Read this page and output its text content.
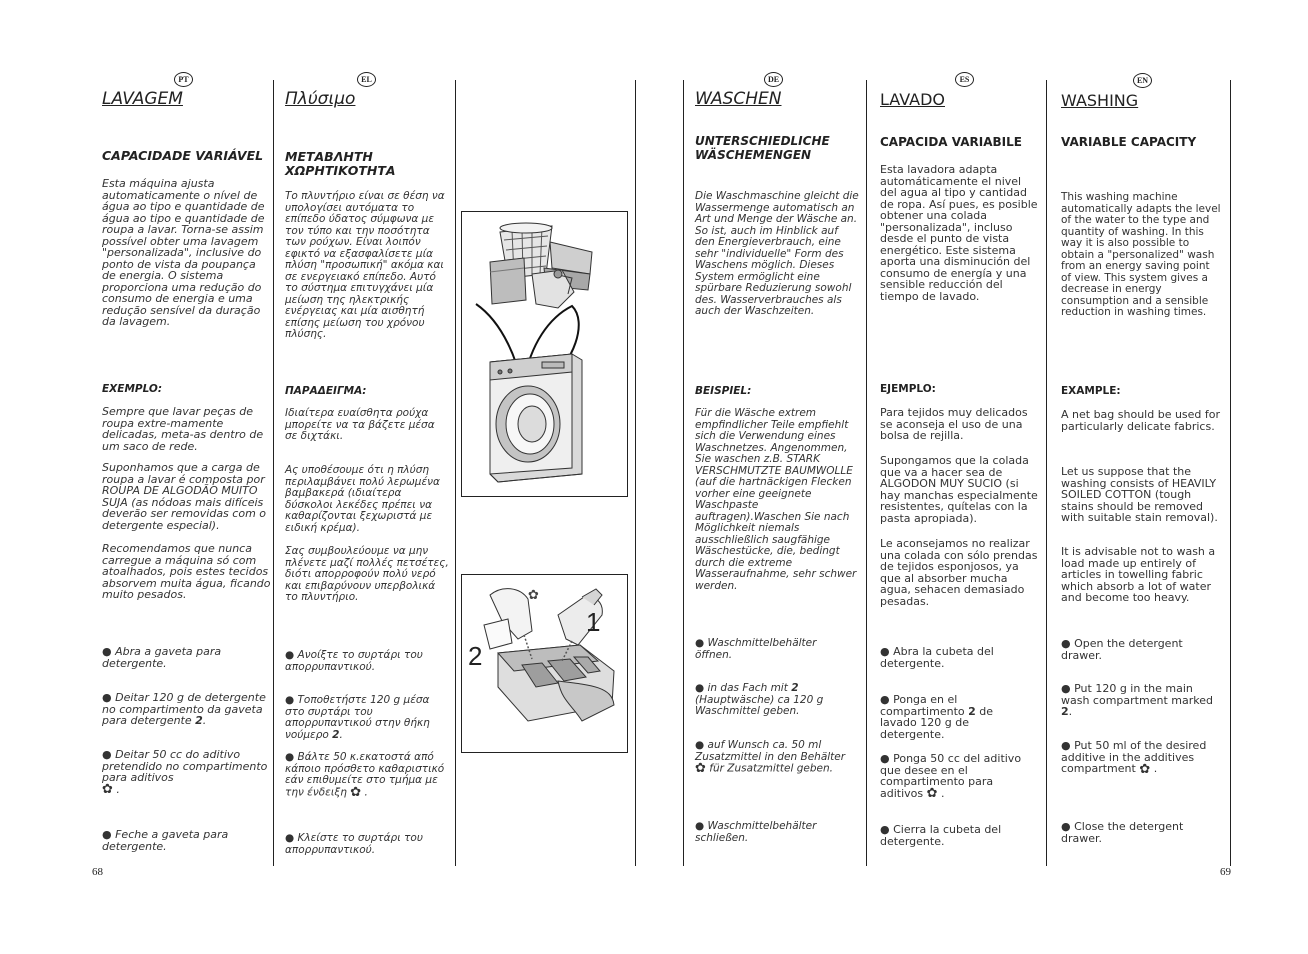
PT	EL	DE	ES	EN
LAVAGEM
CAPACIDADE VARIÁVEL
Esta máquina ajusta automaticamente o nível de água ao tipo e quantidade de água ao tipo e quantidade de roupa a lavar. Torna-se assim possível obter uma lavagem "personalizada", inclusive do ponto de vista da poupança de energia. O sistema proporciona uma redução do consumo de energia e uma redução sensível da duração da lavagem.
EXEMPLO:
Sempre que lavar peças de roupa extre-mamente delicadas, meta-as dentro de um saco de rede.
Suponhamos que a carga de roupa a lavar é composta por ROUPA DE ALGODÃO MUITO SUJA (as nódoas mais difíceis deverão ser removidas com o detergente especial).
Recomendamos que nunca carregue a máquina só com atoalhados, pois estes tecidos absorvem muita água, ficando muito pesados.
● Abra a gaveta para detergente.
● Deitar 120 g de detergente no compartimento da gaveta para detergente 2.
● Deitar 50 cc do aditivo pretendido no compartimento para aditivos
✿ .
● Feche a gaveta para detergente.
Πλύσιμο
ΜΕΤΑΒΛΗΤΗ ΧΩΡΗΤΙΚΟΤΗΤΑ
Το πλυντήριο είναι σε θέση να υπολογίσει αυτόματα το επίπεδο ύδατος σύμφωνα με τον τύπο και την ποσότητα των ρούχων. Είναι λοιπόν εφικτό να εξασφαλίσετε μία πλύση "προσωπική" ακόμα και σε ενεργειακό επίπεδο. Αυτό το σύστημα επιτυγχάνει μία μείωση της ηλεκτρικής ενέργειας και μία αισθητή επίσης μείωση του χρόνου πλύσης.
ΠΑΡΑΔΕΙΓΜΑ:
Ιδιαίτερα ευαίσθητα ρούχα μπορείτε να τα βάζετε μέσα σε διχτάκι.
Ας υποθέσουμε ότι η πλύση περιλαμβάνει πολύ λερωμένα βαμβακερά (ιδιαίτερα δύσκολοι λεκέδες πρέπει να καθαρίζονται ξεχωριστά με ειδική κρέμα).
Σας συμβουλεύουμε να μην πλένετε μαζί πολλές πετσέτες, διότι απορροφούν πολύ νερό και επιβαρύνουν υπερβολικά το πλυντήριο.
● Ανοίξτε το συρτάρι του απορρυπαντικού.
● Τοποθετήστε 120 g μέσα στο συρτάρι του απορρυπαντικού στην θήκη νούμερο 2.
● Βάλτε 50 κ.εκατοστά από κάποιο πρόσθετο καθαριστικό εάν επιθυμείτε στο τμήμα με την ένδειξη ✿ .
● Κλείστε το συρτάρι του απορρυπαντικού.
✿
1
2
WASCHEN
UNTERSCHIEDLICHE WÄSCHEMENGEN
Die Waschmaschine gleicht die Wassermenge automatisch an Art und Menge der Wäsche an. So ist, auch im Hinblick auf den Energieverbrauch, eine sehr "individuelle" Form des Waschens möglich. Dieses System ermöglicht eine spürbare Reduzierung sowohl des. Wasserverbrauches als auch der Waschzeiten.
BEISPIEL:
Für die Wäsche extrem empfindlicher Teile empfiehlt sich die Verwendung eines Waschnetzes. Angenommen, Sie waschen z.B. STARK VERSCHMUTZTE BAUMWOLLE (auf die hartnäckigen Flecken vorher eine geeignete Waschpaste auftragen).Waschen Sie nach Möglichkeit niemals ausschließlich saugfähige Wäschestücke, die, bedingt durch die extreme Wasseraufnahme, sehr schwer werden.
● Waschmittelbehälter öffnen.
● in das Fach mit 2 (Hauptwäsche) ca 120 g Waschmittel geben.
● auf Wunsch ca. 50 ml Zusatzmittel in den Behälter
✿ für Zusatzmittel geben.
● Waschmittelbehälter schließen.
LAVADO
CAPACIDA VARIABILE
Esta lavadora adapta automáticamente el nivel del agua al tipo y cantidad de ropa. Así pues, es posible obtener una colada "personalizada", incluso desde el punto de vista energético. Este sistema aporta una disminución del consumo de energía y una sensible reducción del tiempo de lavado.
EJEMPLO:
Para tejidos muy delicados se aconseja el uso de una bolsa de rejilla.
Supongamos que la colada que va a hacer sea de ALGODON MUY SUCIO (si hay manchas especialmente resistentes, quítelas con la pasta apropiada).
Le aconsejamos no realizar una colada con sólo prendas de tejidos esponjosos, ya que al absorber mucha agua, sehacen demasiado pesadas.
● Abra la cubeta del detergente.
● Ponga en el compartimento 2 de lavado 120 g de detergente.
● Ponga 50 cc del aditivo que desee en el compartimento para aditivos ✿ .
● Cierra la cubeta del detergente.
WASHING
VARIABLE CAPACITY
This washing machine automatically adapts the level of the water to the type and quantity of washing. In this way it is also possible to obtain a "personalized" wash from an energy saving point of view. This system gives a decrease in energy consumption and a sensible reduction in washing times.
EXAMPLE:
A net bag should be used for particularly delicate fabrics.
Let us suppose that the washing consists of HEAVILY SOILED COTTON (tough stains should be removed with suitable stain removal).
It is advisable not to wash a load made up entirely of articles in towelling fabric which absorb a lot of water and become too heavy.
● Open the detergent drawer.
● Put 120 g in the main wash compartment marked 2.
● Put 50 ml of the desired additive in the additives compartment ✿ .
● Close the detergent drawer.
68	69
